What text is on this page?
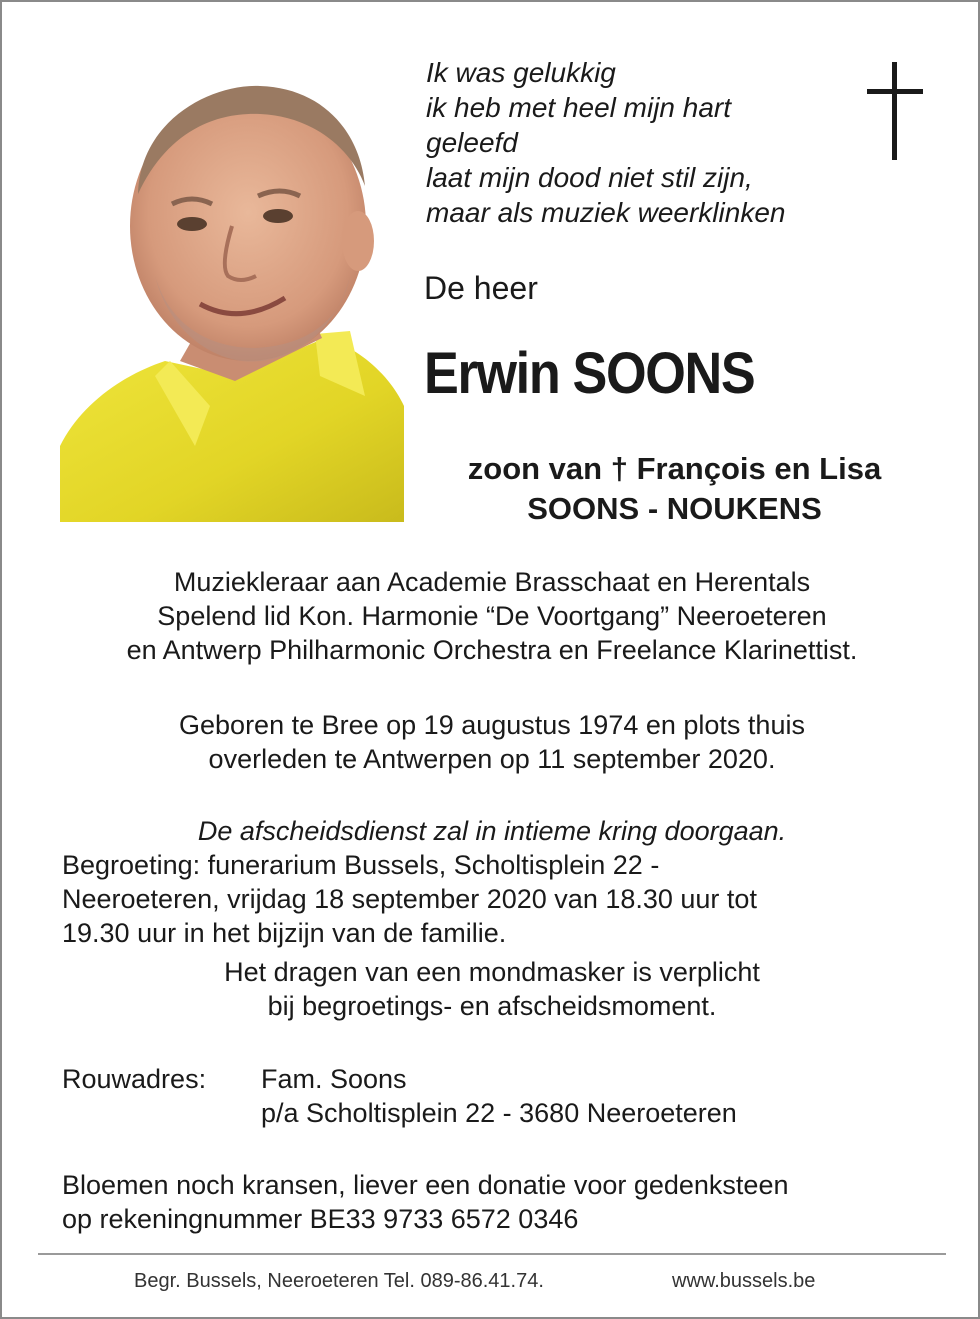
Ik was gelukkig
ik heb met heel mijn hart
geleefd
laat mijn dood niet stil zijn,
maar als muziek weerklinken
De heer
Erwin SOONS
zoon van † François en Lisa
SOONS - NOUKENS
Muziekleraar aan Academie Brasschaat en Herentals
Spelend lid Kon. Harmonie “De Voortgang” Neeroeteren
en Antwerp Philharmonic Orchestra en Freelance Klarinettist.
Geboren te Bree op 19 augustus 1974 en plots thuis
overleden te Antwerpen op 11 september 2020.
De afscheidsdienst zal in intieme kring doorgaan.
Begroeting: funerarium Bussels, Scholtisplein 22 -
Neeroeteren, vrijdag 18 september 2020 van 18.30 uur tot
19.30 uur in het bijzijn van de familie.
Het dragen van een mondmasker is verplicht
bij begroetings- en afscheidsmoment.
Rouwadres: Fam. Soons
p/a Scholtisplein 22 - 3680 Neeroeteren
Bloemen noch kransen, liever een donatie voor gedenksteen
op rekeningnummer BE33 9733 6572 0346
Begr. Bussels, Neeroeteren Tel. 089-86.41.74.	www.bussels.be
